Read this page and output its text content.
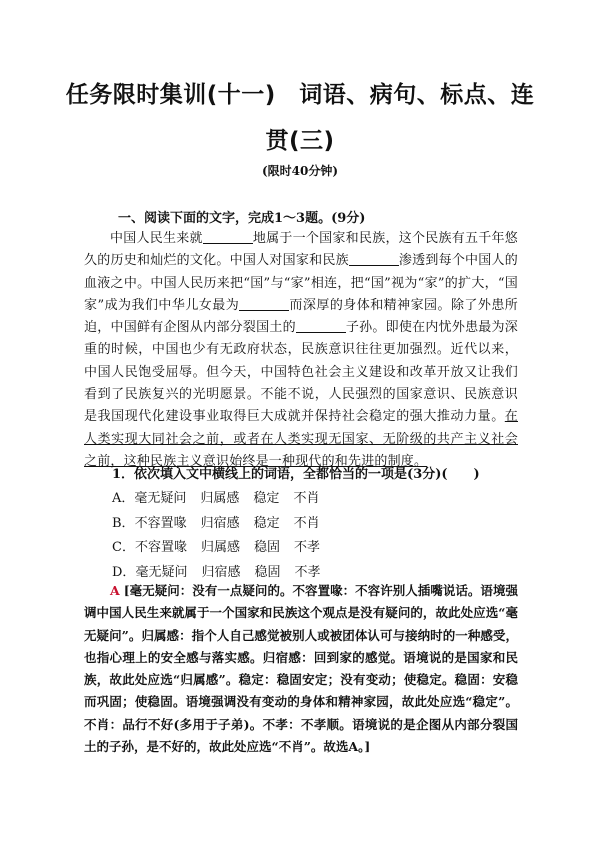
任务限时集训(十一)　词语、病句、标点、连
贯(三)
(限时40分钟)
一、阅读下面的文字，完成1～3题。(9分)

中国人民生来就	地属于一个国家和民族，这个民族有五千年悠久的历史和灿烂的文化。中国人对国家和民族	渗透到每个中国人的血液之中。中国人民历来把“国”与“家”相连，把“国”视为“家”的扩大，“国家”成为我们中华儿女最为	而深厚的身体和精神家园。除了外患所迫，中国鲜有企图从内部分裂国土的	子孙。即使在内忧外患最为深重的时候，中国也少有无政府状态，民族意识往往更加强烈。近代以来，中国人民饱受屈辱。但今天，中国特色社会主义建设和改革开放又让我们看到了民族复兴的光明愿景。不能不说，人民强烈的国家意识、民族意识是我国现代化建设事业取得巨大成就并保持社会稳定的强大推动力量。在人类实现大同社会之前，或者在人类实现无国家、无阶级的共产主义社会之前，这种民族主义意识始终是一种现代的和先进的制度。

1．依次填入文中横线上的词语，全都恰当的一项是(3分)(　　)
A．毫无疑问 归属感 稳定 不肖
B．不容置喙 归宿感 稳定 不肖
C．不容置喙 归属感 稳固 不孝
D．毫无疑问 归宿感 稳固 不孝

A [毫无疑问：没有一点疑问的。不容置喙：不容许别人插嘴说话。语境强调中国人民生来就属于一个国家和民族这个观点是没有疑问的，故此处应选“毫无疑问”。归属感：指个人自己感觉被别人或被团体认可与接纳时的一种感受，也指心理上的安全感与落实感。归宿感：回到家的感觉。语境说的是国家和民族，故此处应选“归属感”。稳定：稳固安定；没有变动；使稳定。稳固：安稳而巩固；使稳固。语境强调没有变动的身体和精神家园，故此处应选“稳定”。不肖：品行不好(多用于子弟)。不孝：不孝顺。语境说的是企图从内部分裂国土的子孙，是不好的，故此处应选“不肖”。故选A。]
